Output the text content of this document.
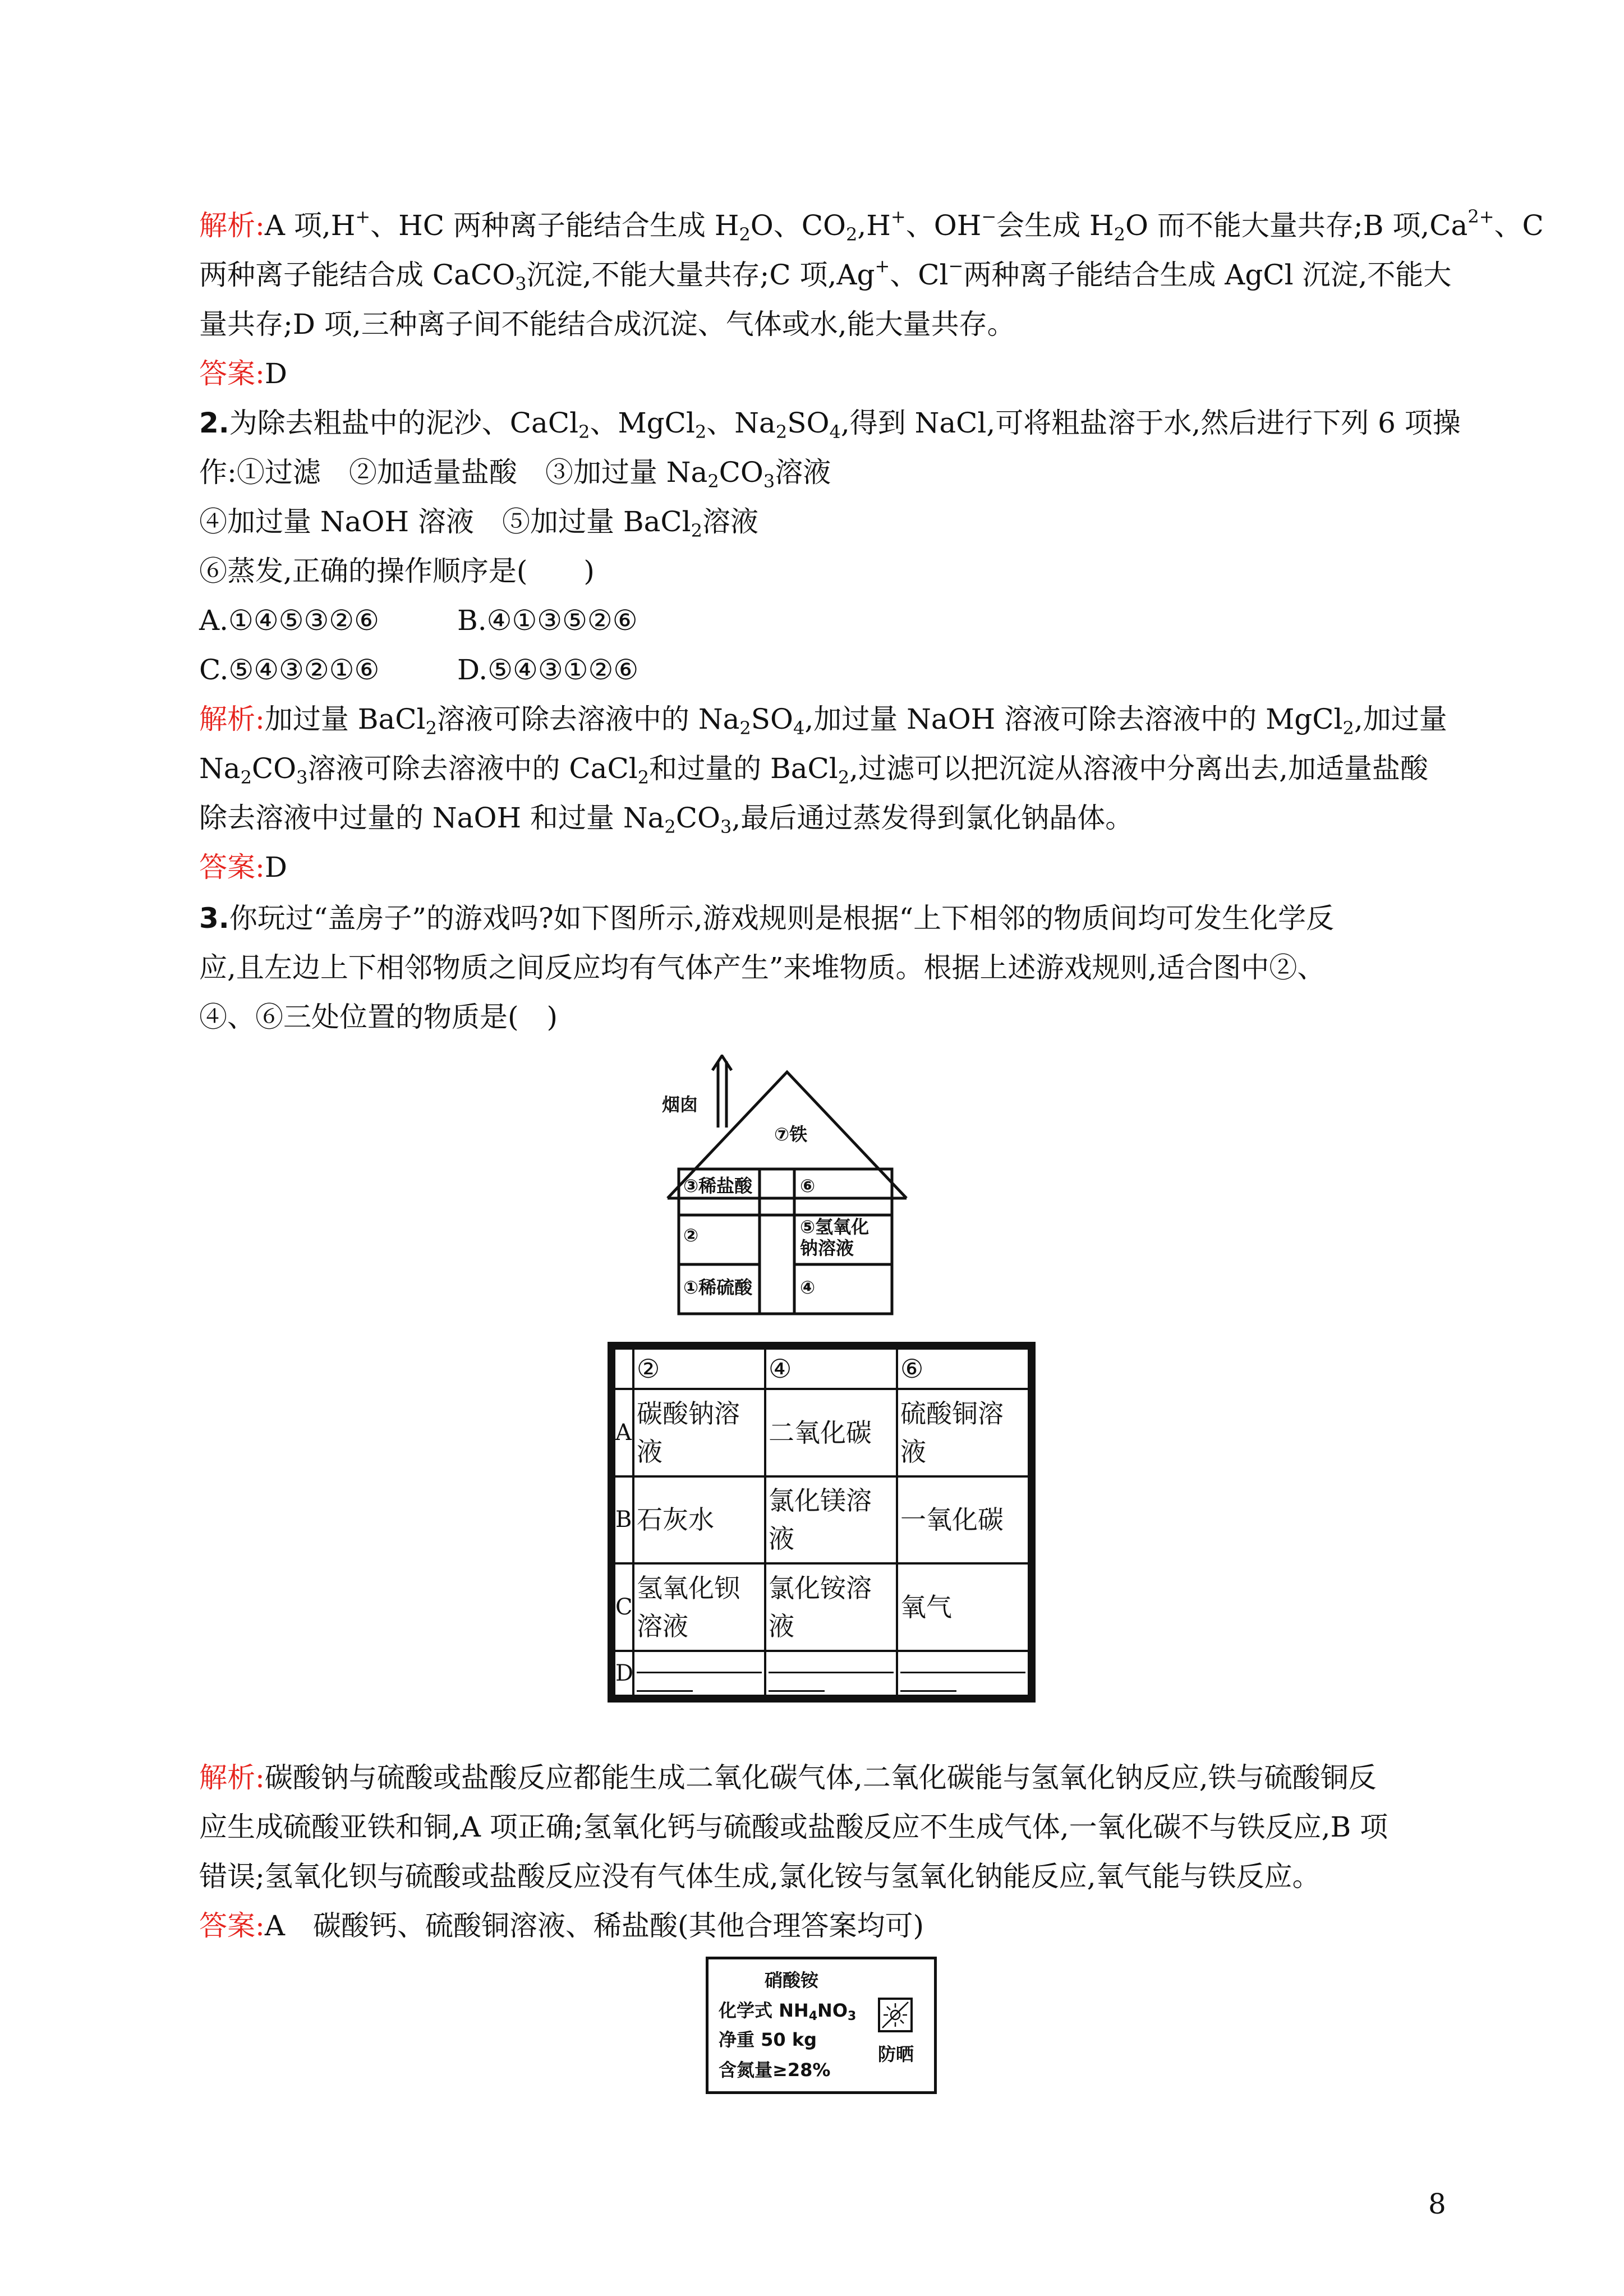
解析:A 项,H+、HC 两种离子能结合生成 $H_2O$、$CO_2,H^+$、OH−会生成 $H_2O$ 而不能大量共存;B 项$,Ca^{2+}$、C
两种离子能结合成 CaCO$_3$沉淀,不能大量共存;C 项,Ag+、Cl−两种离子能结合生成 AgCl 沉淀,不能大
量共存;D 项,三种离子间不能结合成沉淀、气体或水,能大量共存。
答案:D
2.为除去粗盐中的泥沙、CaCl$_2$、MgCl$_2$、$Na_2SO_4$,得到 NaCl,可将粗盐溶于水,然后进行下列 6 项操
作:①过滤　②加适量盐酸　③加过量 $Na_2CO_3$溶液
④加过量 NaOH 溶液　⑤加过量 BaCl$_2$溶液
⑥蒸发,正确的操作顺序是(　　)
A.①④⑤③②⑥	B.④①③⑤②⑥
C.⑤④③②①⑥	D.⑤④③①②⑥
解析:加过量 BaCl$_2$溶液可除去溶液中的 $Na_2SO_4$,加过量 NaOH 溶液可除去溶液中的 MgCl$_2$,加过量
$Na_2CO_3$溶液可除去溶液中的 CaCl$_2$和过量的 BaCl$_2$,过滤可以把沉淀从溶液中分离出去,加适量盐酸
除去溶液中过量的 NaOH 和过量 $Na_2CO_3$,最后通过蒸发得到氯化钠晶体。
答案:D
3.你玩过“盖房子”的游戏吗?如下图所示,游戏规则是根据“上下相邻的物质间均可发生化学反
应,且左边上下相邻物质之间反应均有气体产生”来堆物质。根据上述游戏规则,适合图中②、
④、⑥三处位置的物质是(　)
烟囱
⑦铁
③稀盐酸
②
①稀硫酸
⑥
⑤氢氧化
钠溶液
④
	②	④	⑥
A	碳酸钠溶液	二氧化碳	硫酸铜溶液
B	石灰水	氯化镁溶液	一氧化碳
C	氢氧化钡溶液	氯化铵溶液	氧气
D	

解析:碳酸钠与硫酸或盐酸反应都能生成二氧化碳气体,二氧化碳能与氢氧化钠反应,铁与硫酸铜反
应生成硫酸亚铁和铜,A 项正确;氢氧化钙与硫酸或盐酸反应不生成气体,一氧化碳不与铁反应,B 项
错误;氢氧化钡与硫酸或盐酸反应没有气体生成,氯化铵与氢氧化钠能反应,氧气能与铁反应。
答案:A　碳酸钙、硫酸铜溶液、稀盐酸(其他合理答案均可)
硝酸铵
化学式 $NH_4NO_3$
净重 50 kg
含氮量≥28%
防晒
8
